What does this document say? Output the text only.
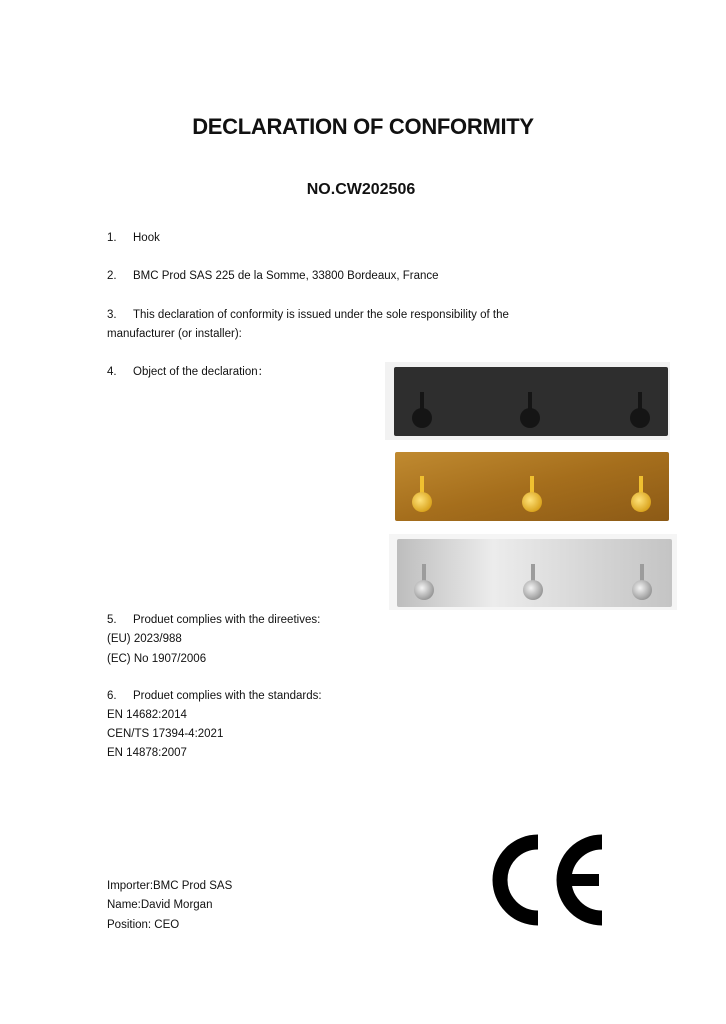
DECLARATION OF CONFORMITY
NO.CW202506
1. Hook
2. BMC Prod SAS 225 de la Somme, 33800 Bordeaux, France
3. This declaration of conformity is issued under the sole responsibility of the
manufacturer (or installer):
4. Object of the declaration：
5. Produet complies with the direetives:
(EU) 2023/988
(EC) No 1907/2006
6. Produet complies with the standards:
EN 14682:2014
CEN/TS 17394-4:2021
EN 14878:2007
Importer:BMC Prod SAS
Name:David Morgan
Position: CEO
